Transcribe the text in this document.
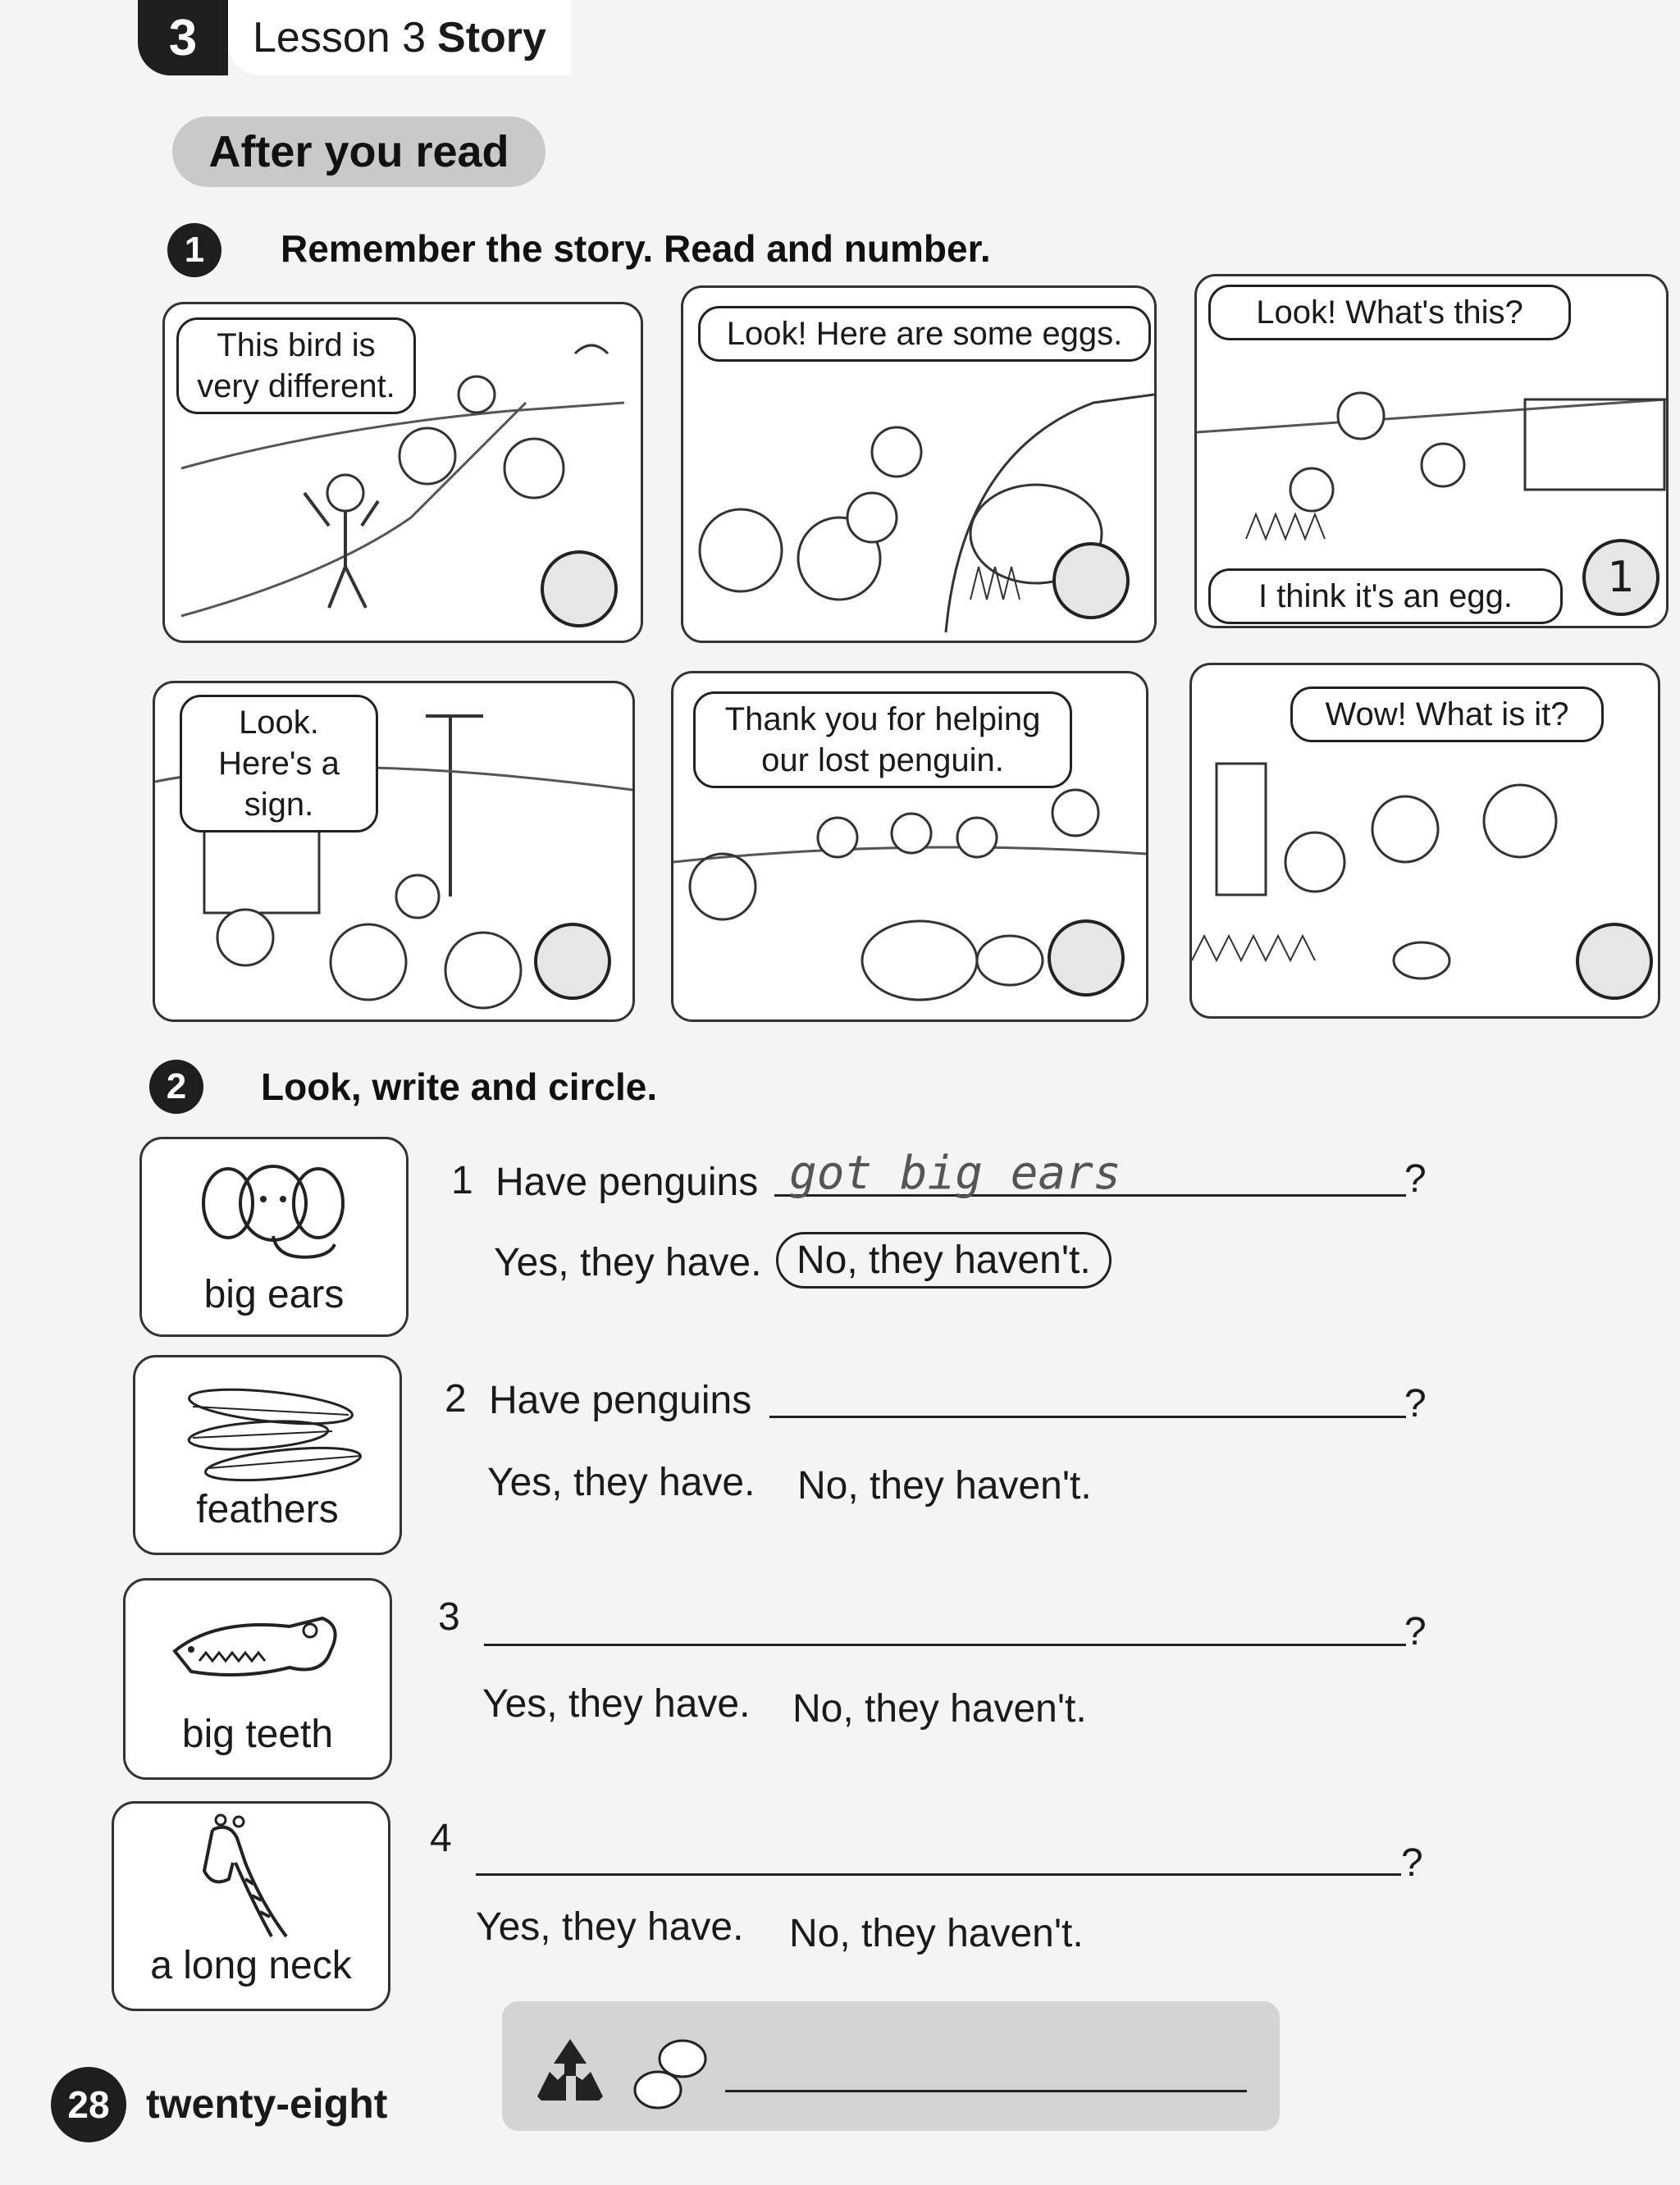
3	Lesson 3 Story
After you read
1	Remember the story. Read and number.
This bird is very different.
Look! Here are some eggs.
Look! What's this?
I think it's an egg.	1
Look. Here's a sign.
Thank you for helping our lost penguin.
Wow! What is it?
2	Look, write and circle.
big ears
feathers
big teeth
a long neck
1 Have penguins got big ears	?
Yes, they have. No, they haven't.
2 Have penguins	?
Yes, they have. No, they haven't.
3	?
Yes, they have. No, they haven't.
4
?
Yes, they have. No, they haven't.
28 twenty-eight
